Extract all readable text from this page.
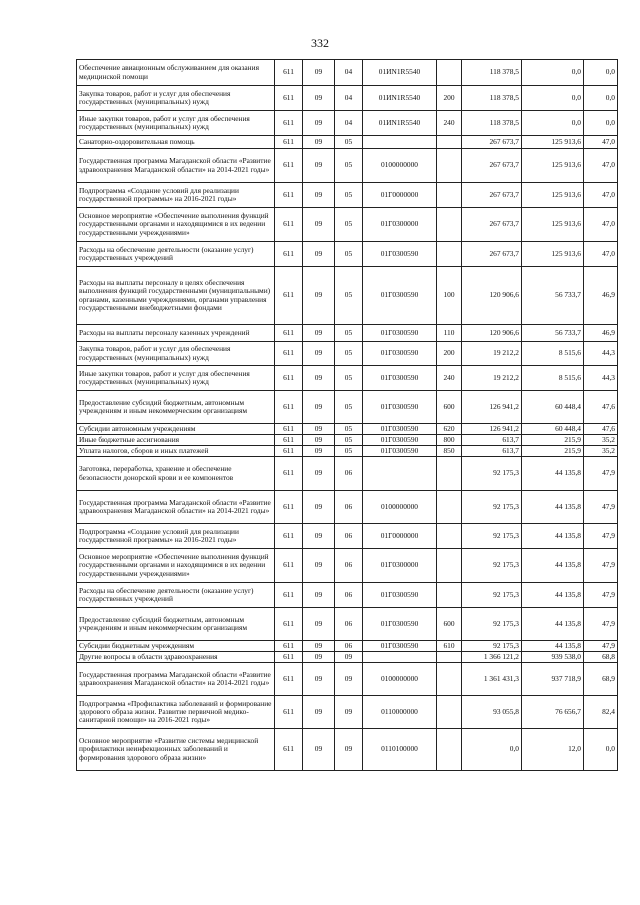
332
Обеспечение авиационным обслуживанием для оказания медицинской помощи	611	09	04	01ИN1R5540		118 378,5	0,0	0,0
Закупка товаров, работ и услуг для обеспечения государственных (муниципальных) нужд	611	09	04	01ИN1R5540	200	118 378,5	0,0	0,0
Иные закупки товаров, работ и услуг для обеспечения государственных (муниципальных) нужд	611	09	04	01ИN1R5540	240	118 378,5	0,0	0,0
Санаторно-оздоровительная помощь	611	09	05			267 673,7	125 913,6	47,0
Государственная программа Магаданской области «Развитие здравоохранения Магаданской области» на 2014-2021 годы»	611	09	05	0100000000		267 673,7	125 913,6	47,0
Подпрограмма «Создание условий для реализации государственной программы» на 2016-2021 годы»	611	09	05	01Г0000000		267 673,7	125 913,6	47,0
Основное мероприятие «Обеспечение выполнения функций государственными органами и находящимися в их ведении государственными учреждениями»	611	09	05	01Г0300000		267 673,7	125 913,6	47,0
Расходы на обеспечение деятельности (оказание услуг) государственных учреждений	611	09	05	01Г0300590		267 673,7	125 913,6	47,0
Расходы на выплаты персоналу в целях обеспечения выполнения функций государственными (муниципальными) органами, казенными учреждениями, органами управления государственными внебюджетными фондами	611	09	05	01Г0300590	100	120 906,6	56 733,7	46,9
Расходы на выплаты персоналу казенных учреждений	611	09	05	01Г0300590	110	120 906,6	56 733,7	46,9
Закупка товаров, работ и услуг для обеспечения государственных (муниципальных) нужд	611	09	05	01Г0300590	200	19 212,2	8 515,6	44,3
Иные закупки товаров, работ и услуг для обеспечения государственных (муниципальных) нужд	611	09	05	01Г0300590	240	19 212,2	8 515,6	44,3
Предоставление субсидий бюджетным, автономным учреждениям и иным некоммерческим организациям	611	09	05	01Г0300590	600	126 941,2	60 448,4	47,6
Субсидии автономным учреждениям	611	09	05	01Г0300590	620	126 941,2	60 448,4	47,6
Иные бюджетные ассигнования	611	09	05	01Г0300590	800	613,7	215,9	35,2
Уплата налогов, сборов и иных платежей	611	09	05	01Г0300590	850	613,7	215,9	35,2
Заготовка, переработка, хранение и обеспечение безопасности донорской крови и ее компонентов	611	09	06			92 175,3	44 135,8	47,9
Государственная программа Магаданской области «Развитие здравоохранения Магаданской области» на 2014-2021 годы»	611	09	06	0100000000		92 175,3	44 135,8	47,9
Подпрограмма «Создание условий для реализации государственной программы» на 2016-2021 годы»	611	09	06	01Г0000000		92 175,3	44 135,8	47,9
Основное мероприятие «Обеспечение выполнения функций государственными органами и находящимися в их ведении государственными учреждениями»	611	09	06	01Г0300000		92 175,3	44 135,8	47,9
Расходы на обеспечение деятельности (оказание услуг) государственных учреждений	611	09	06	01Г0300590		92 175,3	44 135,8	47,9
Предоставление субсидий бюджетным, автономным учреждениям и иным некоммерческим организациям	611	09	06	01Г0300590	600	92 175,3	44 135,8	47,9
Субсидии бюджетным учреждениям	611	09	06	01Г0300590	610	92 175,3	44 135,8	47,9
Другие вопросы в области здравоохранения	611	09	09			1 366 121,2	939 538,0	68,8
Государственная программа Магаданской области «Развитие здравоохранения Магаданской области» на 2014-2021 годы»	611	09	09	0100000000		1 361 431,3	937 718,9	68,9
Подпрограмма «Профилактика заболеваний и формирование здорового образа жизни. Развитие первичной медико-санитарной помощи» на 2016-2021 годы»	611	09	09	0110000000		93 055,8	76 656,7	82,4
Основное мероприятие «Развитие системы медицинской профилактики неинфекционных заболеваний и формирования здорового образа жизни»	611	09	09	0110100000		0,0	12,0	0,0
